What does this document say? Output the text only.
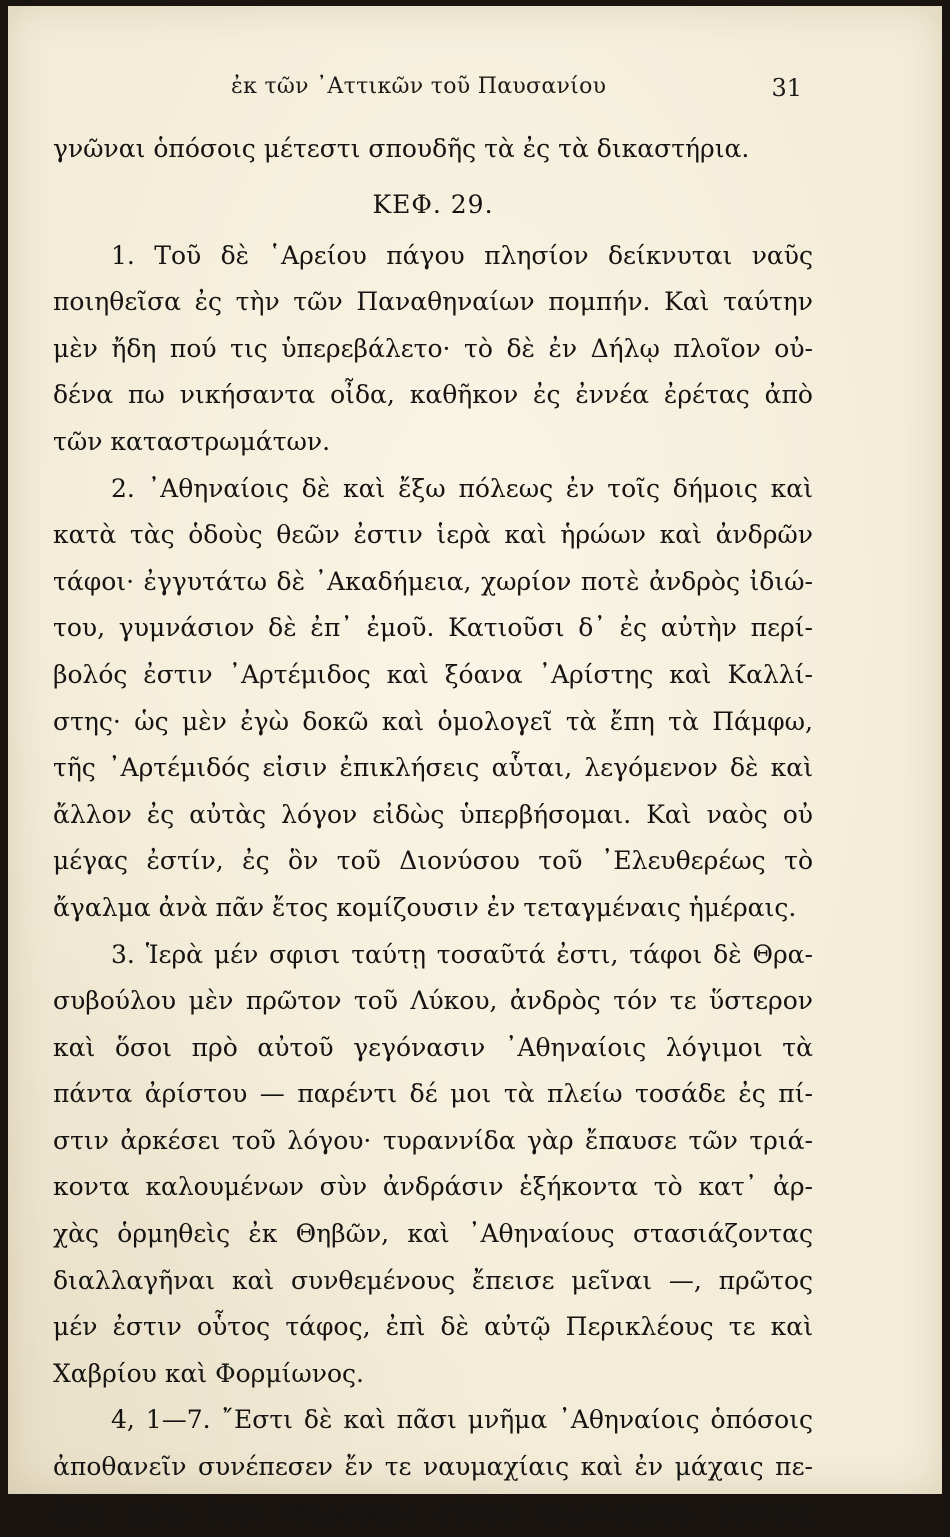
ἐκ τῶν ᾿Αττικῶν τοῦ Παυσανίου	31
γνῶναι ὁπόσοις μέτεστι σπουδῆς τὰ ἐς τὰ δικαστήρια.
ΚΕΦ. 29.
1. Τοῦ δὲ ῾Αρείου πάγου πλησίον δείκνυται ναῦς
ποιηθεῖσα ἐς τὴν τῶν Παναθηναίων πομπήν. Καὶ ταύτην
μὲν ἤδη πού τις ὑπερεβάλετο· τὸ δὲ ἐν Δήλῳ πλοῖον οὐ-
δένα πω νικήσαντα οἶδα, καθῆκον ἐς ἐννέα ἐρέτας ἀπὸ
τῶν καταστρωμάτων.
2. ᾿Αθηναίοις δὲ καὶ ἔξω πόλεως ἐν τοῖς δήμοις καὶ
κατὰ τὰς ὁδοὺς θεῶν ἐστιν ἱερὰ καὶ ἡρώων καὶ ἀνδρῶν
τάφοι· ἐγγυτάτω δὲ ᾿Ακαδήμεια, χωρίον ποτὲ ἀνδρὸς ἰδιώ-
του, γυμνάσιον δὲ ἐπ᾿ ἐμοῦ. Κατιοῦσι δ᾿ ἐς αὐτὴν περί-
βολός ἐστιν ᾿Αρτέμιδος καὶ ξόανα ᾿Αρίστης καὶ Καλλί-
στης· ὡς μὲν ἐγὼ δοκῶ καὶ ὁμολογεῖ τὰ ἔπη τὰ Πάμφω,
τῆς ᾿Αρτέμιδός εἰσιν ἐπικλήσεις αὗται, λεγόμενον δὲ καὶ
ἄλλον ἐς αὐτὰς λόγον εἰδὼς ὑπερβήσομαι. Καὶ ναὸς οὐ
μέγας ἐστίν, ἐς ὃν τοῦ Διονύσου τοῦ ᾿Ελευθερέως τὸ
ἄγαλμα ἀνὰ πᾶν ἔτος κομίζουσιν ἐν τεταγμέναις ἡμέραις.
3. Ἱερὰ μέν σφισι ταύτῃ τοσαῦτά ἐστι, τάφοι δὲ Θρα-
συβούλου μὲν πρῶτον τοῦ Λύκου, ἀνδρὸς τόν τε ὕστερον
καὶ ὅσοι πρὸ αὐτοῦ γεγόνασιν ᾿Αθηναίοις λόγιμοι τὰ
πάντα ἀρίστου — παρέντι δέ μοι τὰ πλείω τοσάδε ἐς πί-
στιν ἀρκέσει τοῦ λόγου· τυραννίδα γὰρ ἔπαυσε τῶν τριά-
κοντα καλουμένων σὺν ἀνδράσιν ἑξήκοντα τὸ κατ᾿ ἀρ-
χὰς ὁρμηθεὶς ἐκ Θηβῶν, καὶ ᾿Αθηναίους στασιάζοντας
διαλλαγῆναι καὶ συνθεμένους ἔπεισε μεῖναι —, πρῶτος
μέν ἐστιν οὗτος τάφος, ἐπὶ δὲ αὐτῷ Περικλέους τε καὶ
Χαβρίου καὶ Φορμίωνος.
4, 1—7. ῎Εστι δὲ καὶ πᾶσι μνῆμα ᾿Αθηναίοις ὁπόσοις
ἀποθανεῖν συνέπεσεν ἔν τε ναυμαχίαις καὶ ἐν μάχαις πε-
ζαῖς πλὴν ὅσοι Μαραθῶνι αὐτῶν ἠγωνίσαντο· τούτοις
